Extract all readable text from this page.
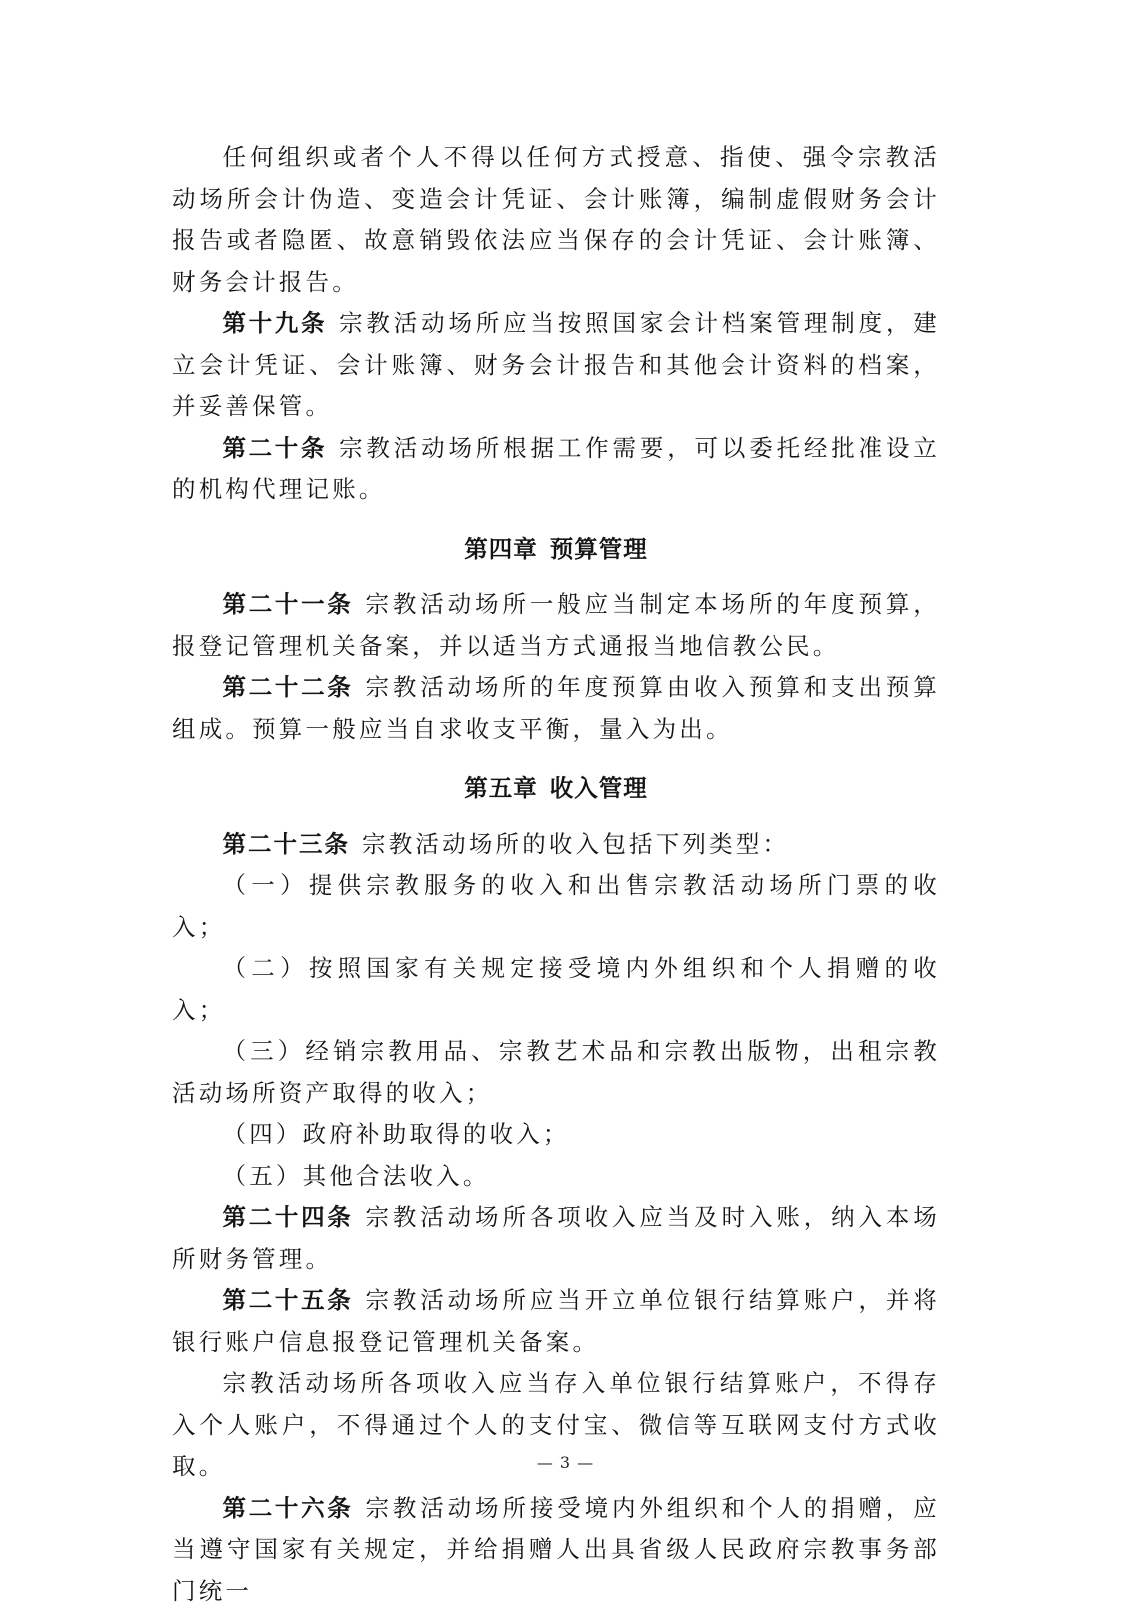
任何组织或者个人不得以任何方式授意、指使、强令宗教活动场所会计伪造、变造会计凭证、会计账簿，编制虚假财务会计报告或者隐匿、故意销毁依法应当保存的会计凭证、会计账簿、财务会计报告。

第十九条 宗教活动场所应当按照国家会计档案管理制度，建立会计凭证、会计账簿、财务会计报告和其他会计资料的档案，并妥善保管。

第二十条 宗教活动场所根据工作需要，可以委托经批准设立的机构代理记账。

第四章 预算管理

第二十一条 宗教活动场所一般应当制定本场所的年度预算，报登记管理机关备案，并以适当方式通报当地信教公民。

第二十二条 宗教活动场所的年度预算由收入预算和支出预算组成。预算一般应当自求收支平衡，量入为出。

第五章 收入管理

第二十三条 宗教活动场所的收入包括下列类型：

（一）提供宗教服务的收入和出售宗教活动场所门票的收入；

（二）按照国家有关规定接受境内外组织和个人捐赠的收入；

（三）经销宗教用品、宗教艺术品和宗教出版物，出租宗教活动场所资产取得的收入；

（四）政府补助取得的收入；

（五）其他合法收入。

第二十四条 宗教活动场所各项收入应当及时入账，纳入本场所财务管理。

第二十五条 宗教活动场所应当开立单位银行结算账户，并将银行账户信息报登记管理机关备案。

宗教活动场所各项收入应当存入单位银行结算账户，不得存入个人账户，不得通过个人的支付宝、微信等互联网支付方式收取。

第二十六条 宗教活动场所接受境内外组织和个人的捐赠，应当遵守国家有关规定，并给捐赠人出具省级人民政府宗教事务部门统一

— 3 —
